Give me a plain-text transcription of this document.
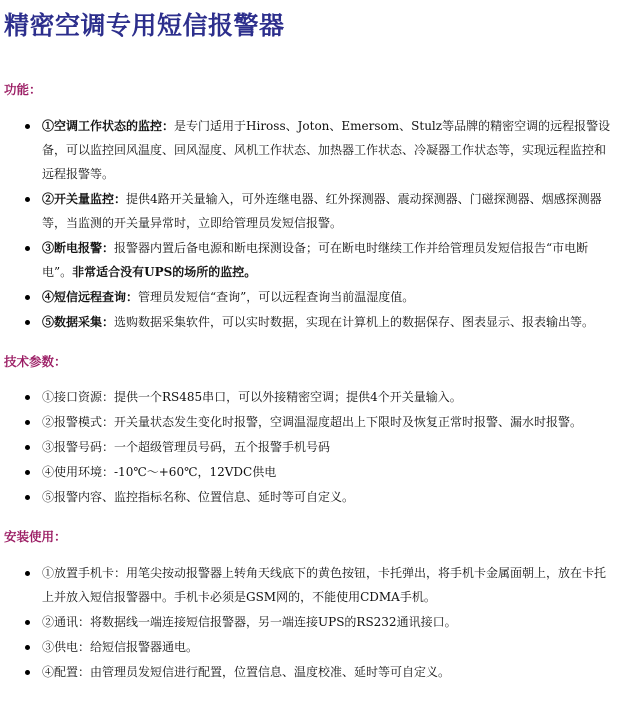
精密空调专用短信报警器
功能：
①空调工作状态的监控：是专门适用于Hiross、Joton、Emersom、Stulz等品牌的精密空调的远程报警设备，可以监控回风温度、回风湿度、风机工作状态、加热器工作状态、冷凝器工作状态等，实现远程监控和远程报警等。
②开关量监控：提供4路开关量输入，可外连继电器、红外探测器、震动探测器、门磁探测器、烟感探测器等，当监测的开关量异常时，立即给管理员发短信报警。
③断电报警：报警器内置后备电源和断电探测设备；可在断电时继续工作并给管理员发短信报告“市电断电”。非常适合没有UPS的场所的监控。
④短信远程查询：管理员发短信“查询”，可以远程查询当前温湿度值。
⑤数据采集：选购数据采集软件，可以实时数据，实现在计算机上的数据保存、图表显示、报表输出等。
技术参数：
①接口资源：提供一个RS485串口，可以外接精密空调；提供4个开关量输入。
②报警模式：开关量状态发生变化时报警，空调温湿度超出上下限时及恢复正常时报警、漏水时报警。
③报警号码：一个超级管理员号码，五个报警手机号码
④使用环境：-10℃～+60℃，12VDC供电
⑤报警内容、监控指标名称、位置信息、延时等可自定义。
安装使用：
①放置手机卡：用笔尖按动报警器上转角天线底下的黄色按钮，卡托弹出，将手机卡金属面朝上，放在卡托上并放入短信报警器中。手机卡必须是GSM网的，不能使用CDMA手机。
②通讯：将数据线一端连接短信报警器，另一端连接UPS的RS232通讯接口。
③供电：给短信报警器通电。
④配置：由管理员发短信进行配置，位置信息、温度校准、延时等可自定义。
